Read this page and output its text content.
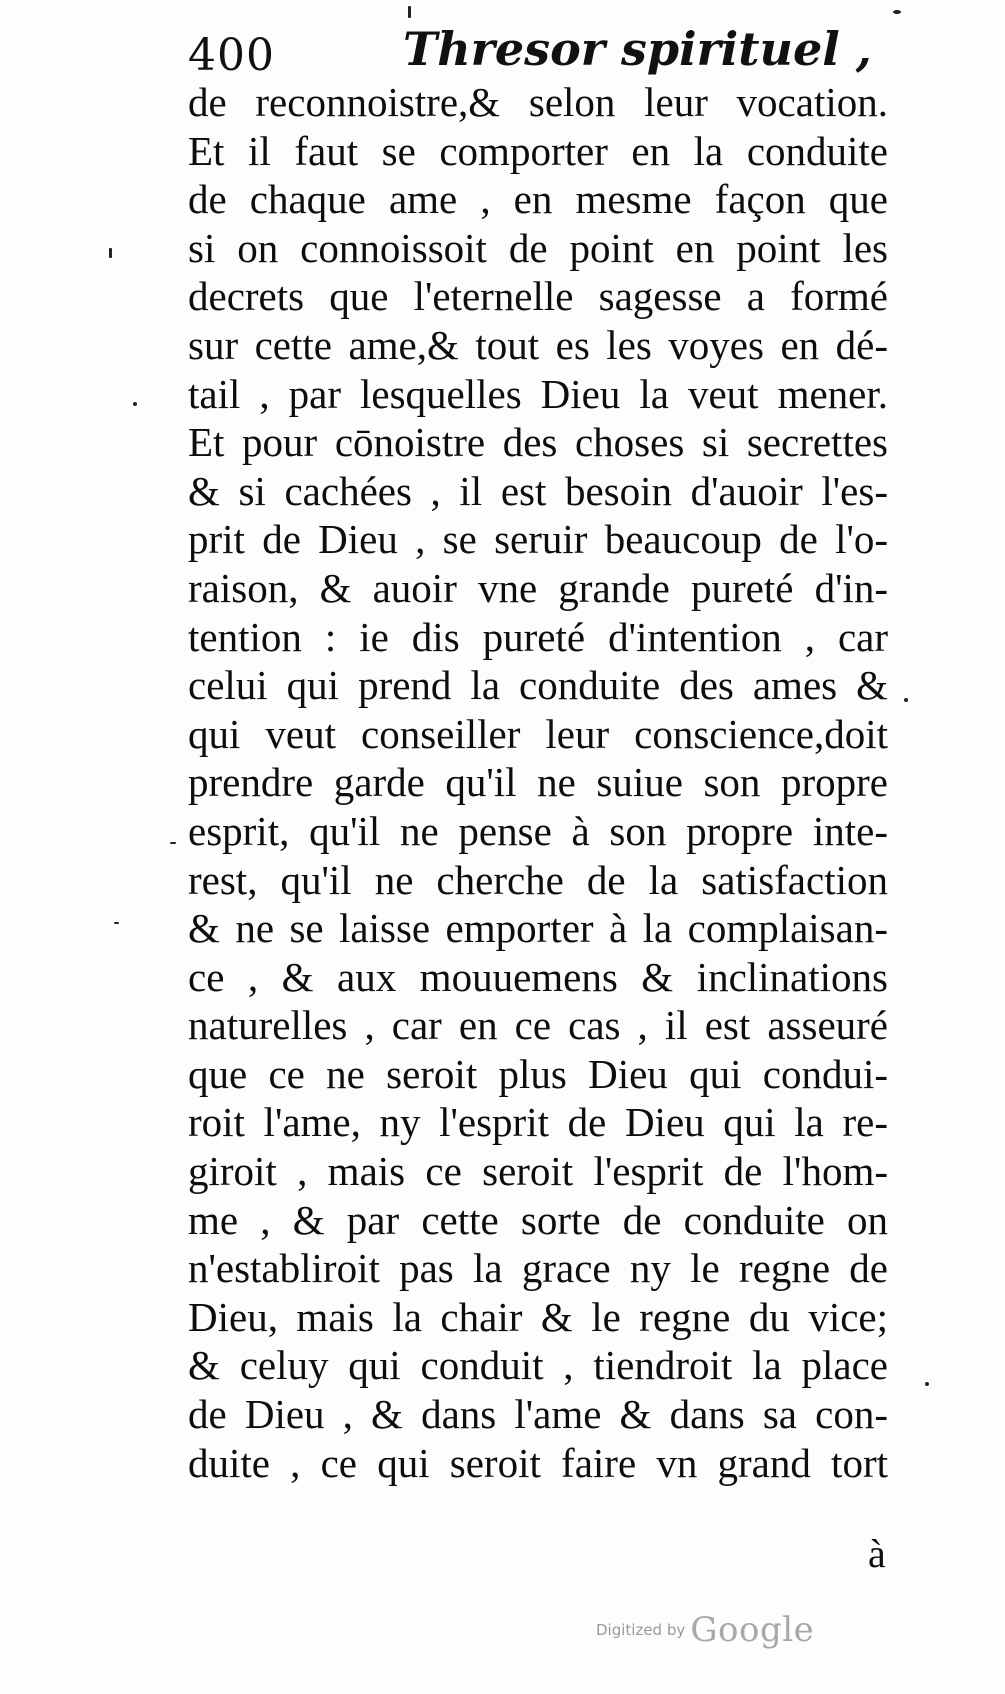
400	Thresor spirituel ,
de reconnoistre,& selon leur vocation.
Et il faut se comporter en la conduite
de chaque ame , en mesme façon que
si on connoissoit de point en point les
decrets que l'eternelle sagesse a formé
sur cette ame,& tout es les voyes en dé-
tail , par lesquelles Dieu la veut mener.
Et pour cōnoistre des choses si secrettes
& si cachées , il est besoin d'auoir l'es-
prit de Dieu , se seruir beaucoup de l'o-
raison, & auoir vne grande pureté d'in-
tention : ie dis pureté d'intention , car
celui qui prend la conduite des ames &
qui veut conseiller leur conscience,doit
prendre garde qu'il ne suiue son propre
esprit, qu'il ne pense à son propre inte-
rest, qu'il ne cherche de la satisfaction
& ne se laisse emporter à la complaisan-
ce , & aux mouuemens & inclinations
naturelles , car en ce cas , il est asseuré
que ce ne seroit plus Dieu qui condui-
roit l'ame, ny l'esprit de Dieu qui la re-
giroit , mais ce seroit l'esprit de l'hom-
me , & par cette sorte de conduite on
n'establiroit pas la grace ny le regne de
Dieu, mais la chair & le regne du vice;
& celuy qui conduit , tiendroit la place
de Dieu , & dans l'ame & dans sa con-
duite , ce qui seroit faire vn grand tort
à
Digitized by Google
